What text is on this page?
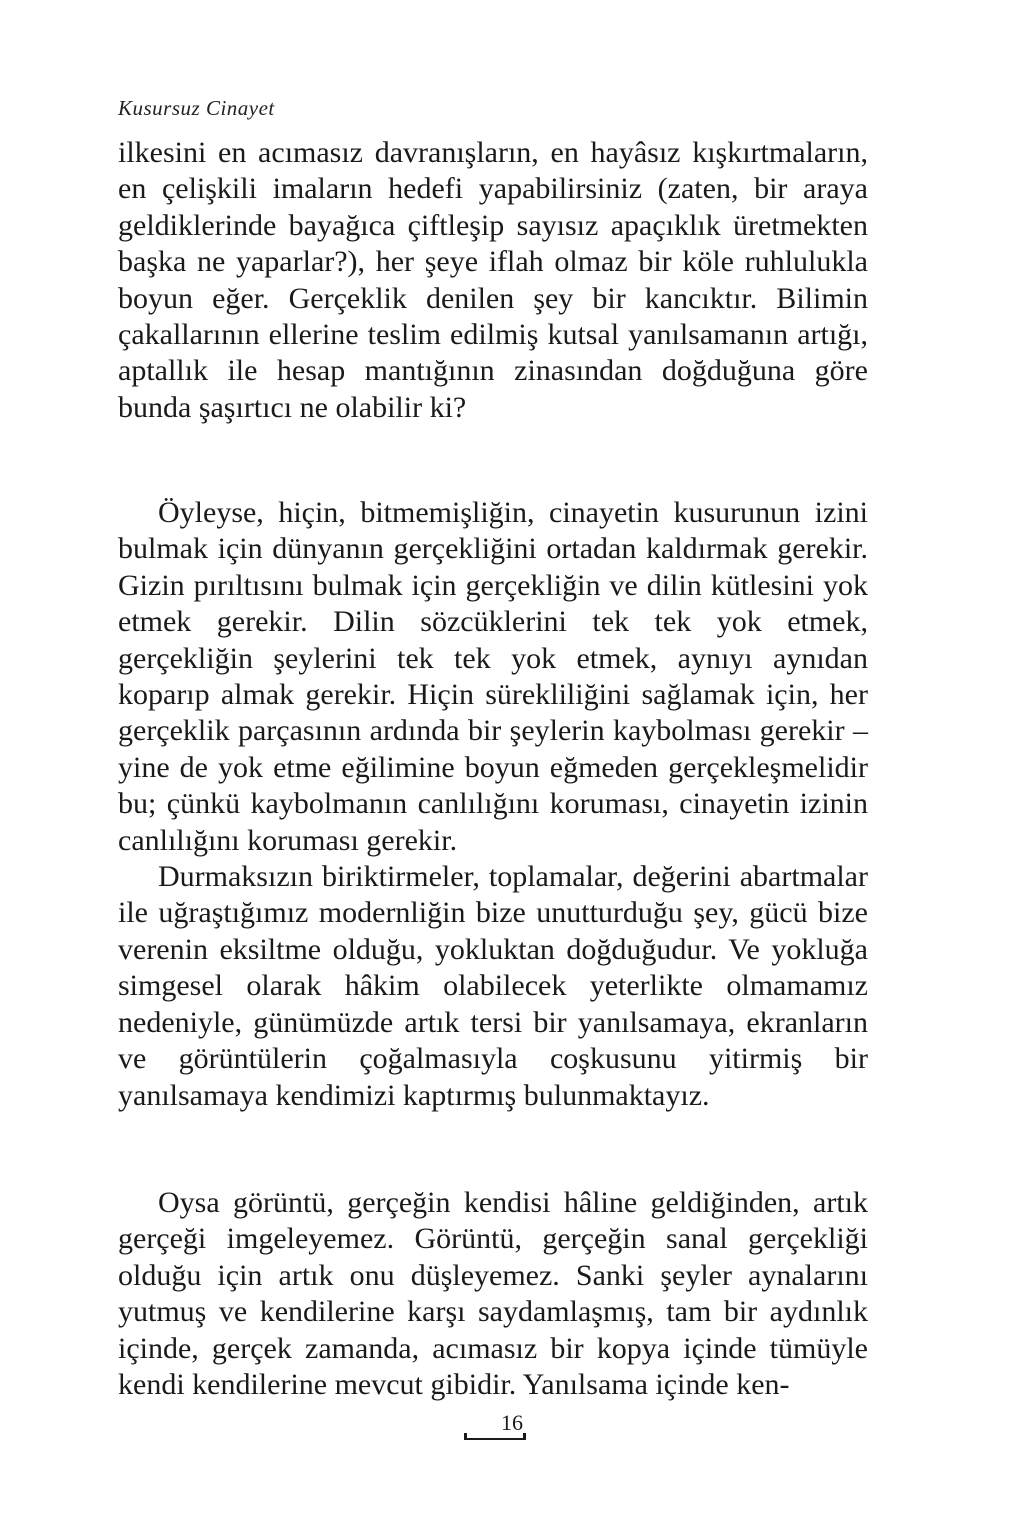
Kusursuz Cinayet

ilkesini en acımasız davranışların, en hayâsız kışkırtmaların, en çelişkili imaların hedefi yapabilirsiniz (zaten, bir araya geldiklerinde bayağıca çiftleşip sayısız apaçıklık üretmekten başka ne yaparlar?), her şeye iflah olmaz bir köle ruhlulukla boyun eğer. Gerçeklik denilen şey bir kancıktır. Bilimin çakallarının ellerine teslim edilmiş kutsal yanılsamanın artığı, aptallık ile hesap mantığının zinasından doğduğuna göre bunda şaşırtıcı ne olabilir ki?

Öyleyse, hiçin, bitmemişliğin, cinayetin kusurunun izini bulmak için dünyanın gerçekliğini ortadan kaldırmak gerekir. Gizin pırıltısını bulmak için gerçekliğin ve dilin kütlesini yok etmek gerekir. Dilin sözcüklerini tek tek yok etmek, gerçekliğin şeylerini tek tek yok etmek, aynıyı aynıdan koparıp almak gerekir. Hiçin sürekliliğini sağlamak için, her gerçeklik parçasının ardında bir şeylerin kaybolması gerekir – yine de yok etme eğilimine boyun eğmeden gerçekleşmelidir bu; çünkü kaybolmanın canlılığını koruması, cinayetin izinin canlılığını koruması gerekir.

Durmaksızın biriktirmeler, toplamalar, değerini abartmalar ile uğraştığımız modernliğin bize unutturduğu şey, gücü bize verenin eksiltme olduğu, yokluktan doğduğudur. Ve yokluğa simgesel olarak hâkim olabilecek yeterlikte olmamamız nedeniyle, günümüzde artık tersi bir yanılsamaya, ekranların ve görüntülerin çoğalmasıyla coşkusunu yitirmiş bir yanılsamaya kendimizi kaptırmış bulunmaktayız.

Oysa görüntü, gerçeğin kendisi hâline geldiğinden, artık gerçeği imgeleyemez. Görüntü, gerçeğin sanal gerçekliği olduğu için artık onu düşleyemez. Sanki şeyler aynalarını yutmuş ve kendilerine karşı saydamlaşmış, tam bir aydınlık içinde, gerçek zamanda, acımasız bir kopya içinde tümüyle kendi kendilerine mevcut gibidir. Yanılsama içinde ken-

16
